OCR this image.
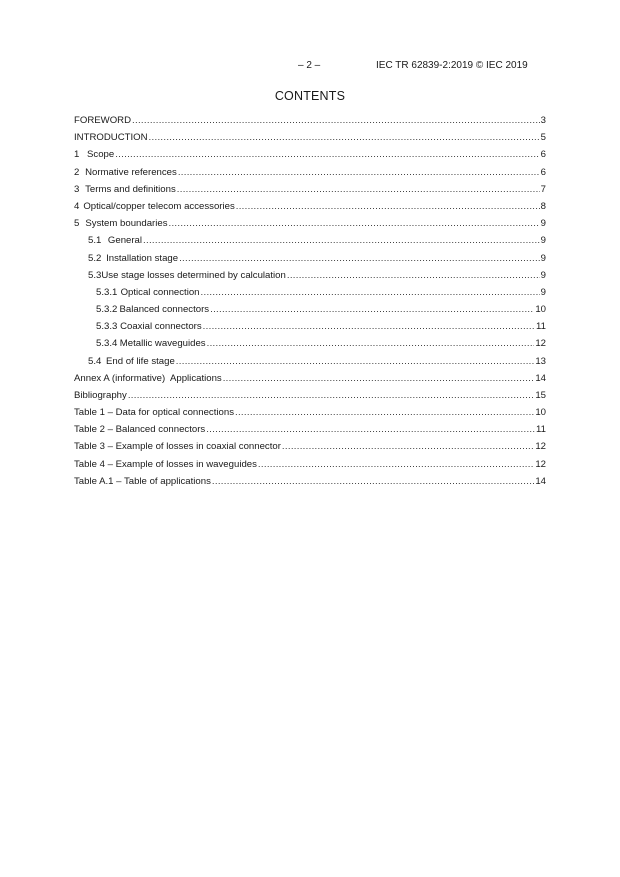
– 2 –	IEC TR 62839-2:2019 © IEC 2019
CONTENTS
FOREWORD .....	3
INTRODUCTION .....	5
1 Scope .....	6
2 Normative references .....	6
3 Terms and definitions .....	7
4 Optical/copper telecom accessories .....	8
5 System boundaries .....	9
5.1 General .....	9
5.2 Installation stage .....	9
5.3 Use stage losses determined by calculation .....	9
5.3.1 Optical connection .....	9
5.3.2 Balanced connectors .....	10
5.3.3 Coaxial connectors .....	11
5.3.4 Metallic waveguides .....	12
5.4 End of life stage .....	13
Annex A (informative)  Applications .....	14
Bibliography .....	15
Table 1 – Data for optical connections .....	10
Table 2 – Balanced connectors .....	11
Table 3 – Example of losses in coaxial connector .....	12
Table 4 – Example of losses in waveguides .....	12
Table A.1 – Table of applications .....	14
